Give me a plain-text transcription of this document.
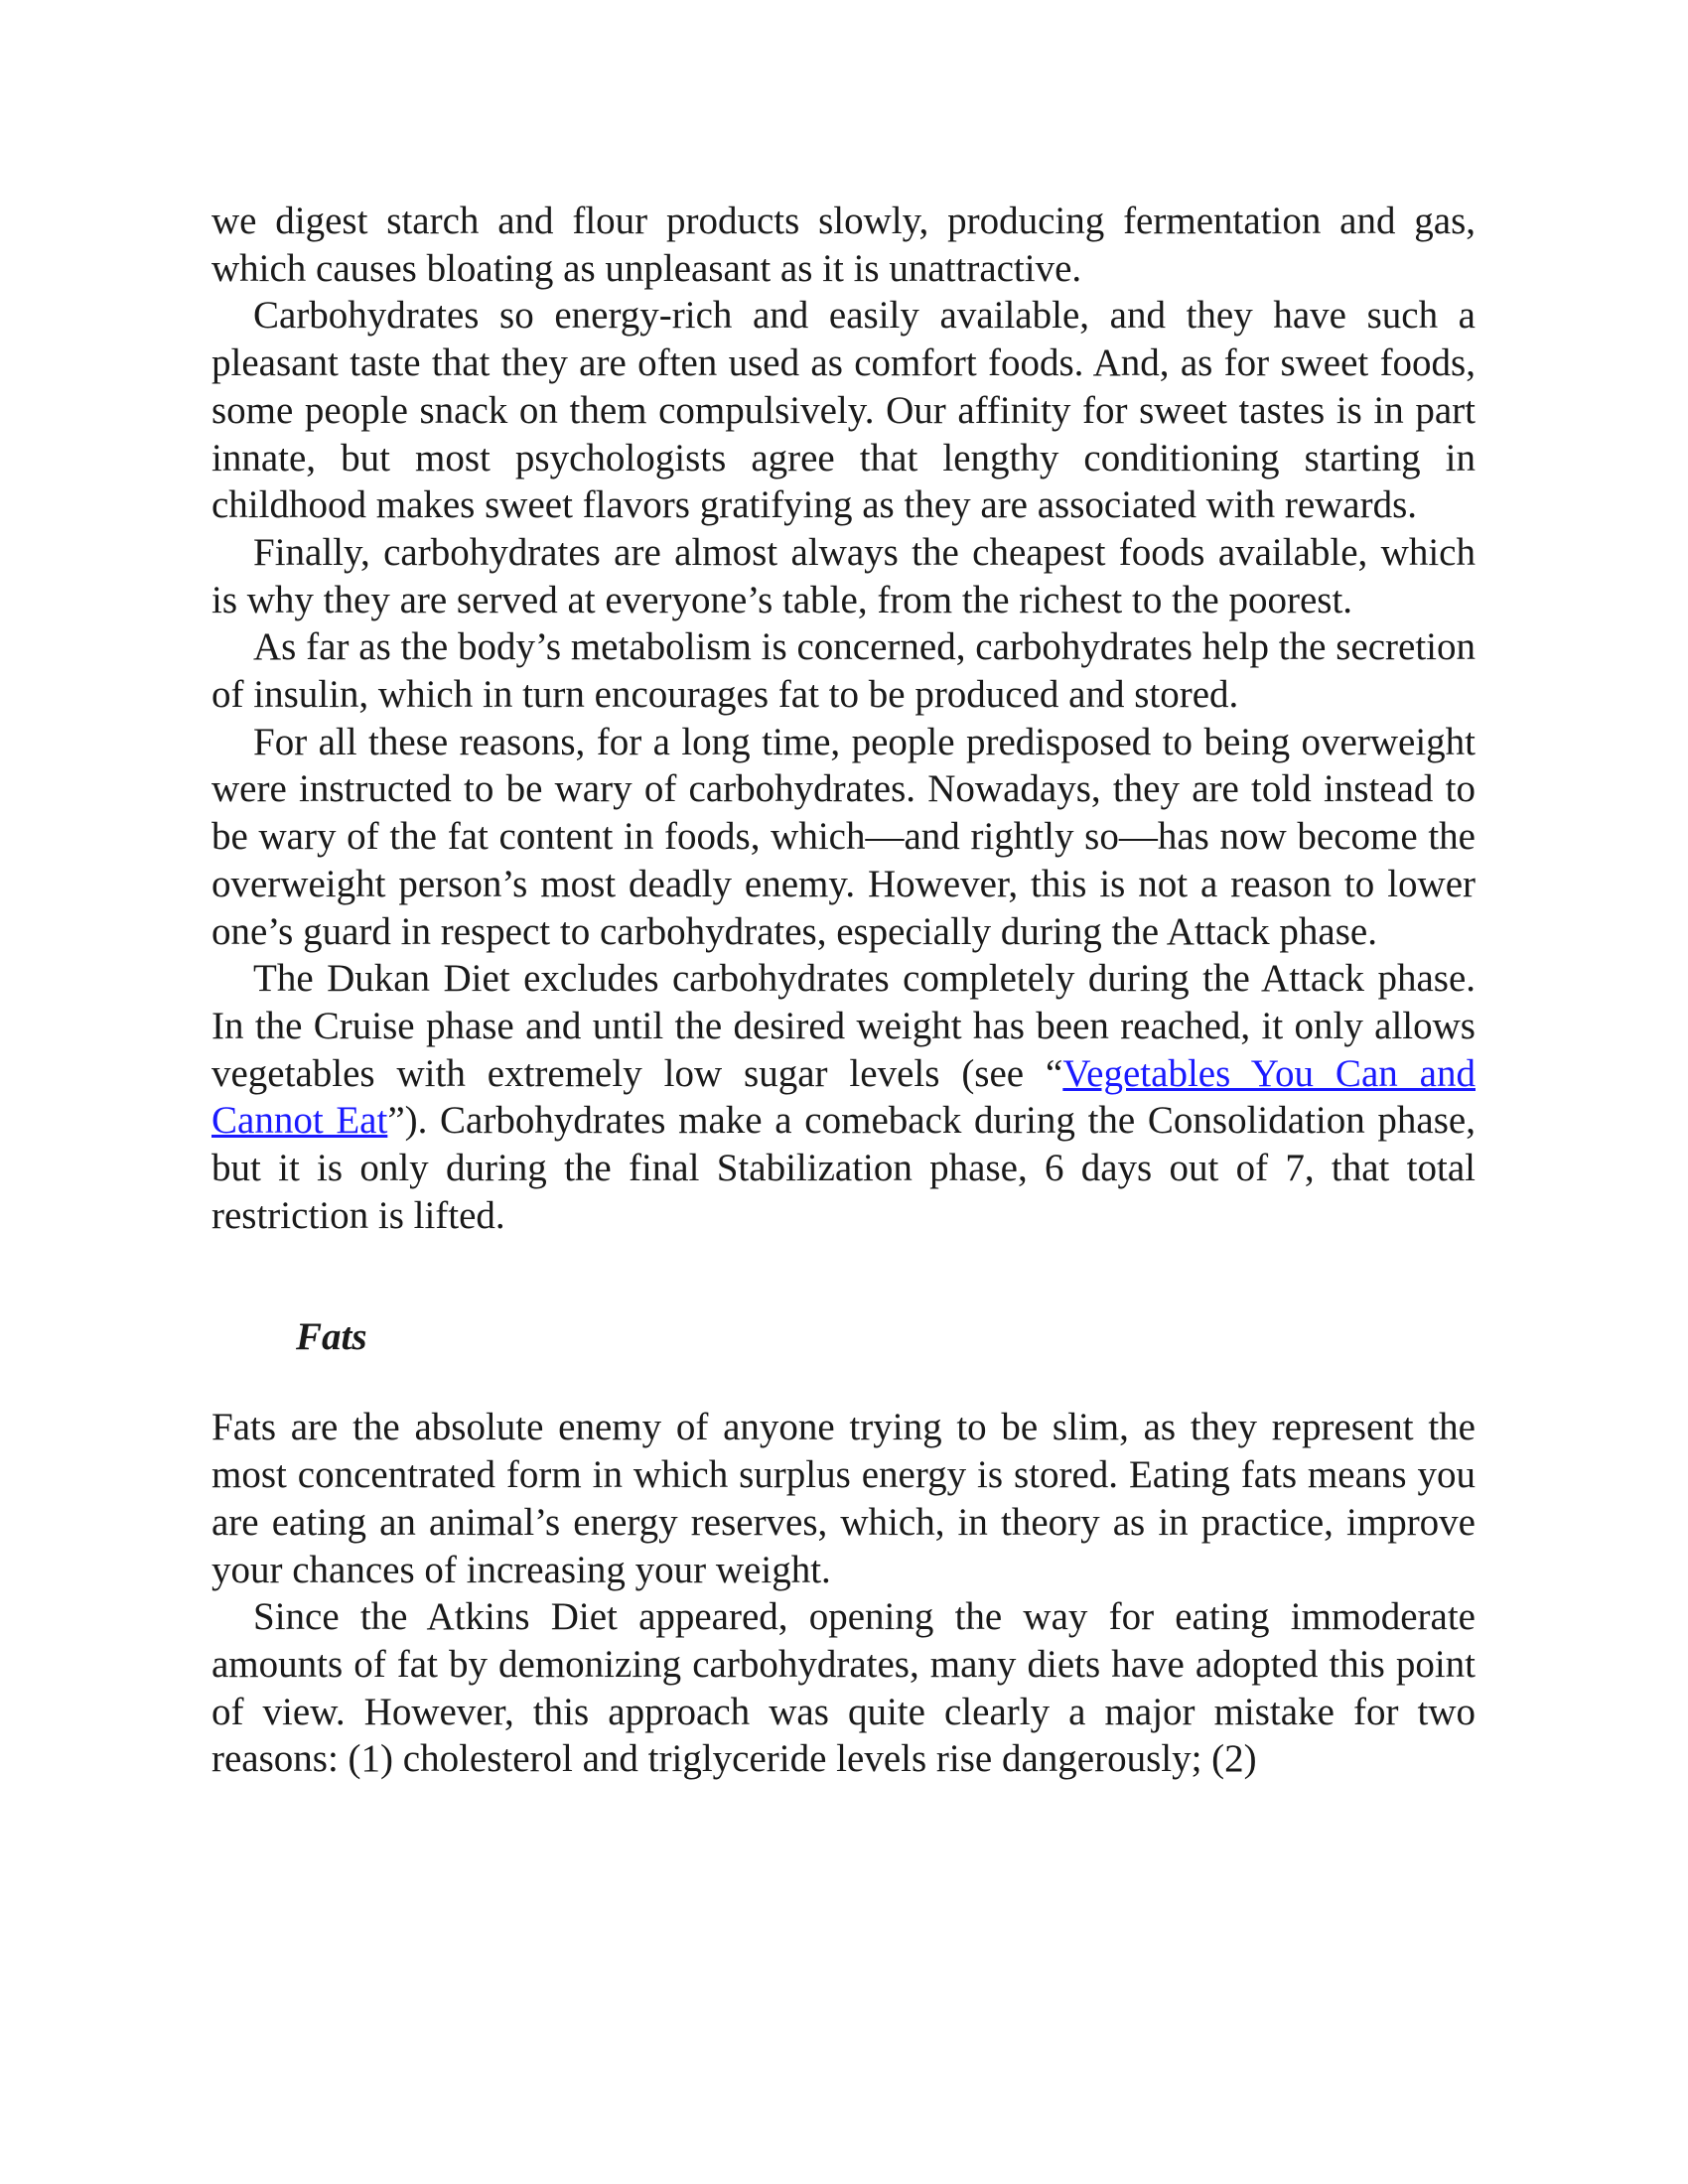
we digest starch and flour products slowly, producing fermentation and gas, which causes bloating as unpleasant as it is unattractive.

Carbohydrates so energy-rich and easily available, and they have such a pleasant taste that they are often used as comfort foods. And, as for sweet foods, some people snack on them compulsively. Our affinity for sweet tastes is in part innate, but most psychologists agree that lengthy conditioning starting in childhood makes sweet flavors gratifying as they are associated with rewards.

Finally, carbohydrates are almost always the cheapest foods available, which is why they are served at everyone’s table, from the richest to the poorest.

As far as the body’s metabolism is concerned, carbohydrates help the secretion of insulin, which in turn encourages fat to be produced and stored.

For all these reasons, for a long time, people predisposed to being overweight were instructed to be wary of carbohydrates. Nowadays, they are told instead to be wary of the fat content in foods, which—and rightly so—has now become the overweight person’s most deadly enemy. However, this is not a reason to lower one’s guard in respect to carbohydrates, especially during the Attack phase.

The Dukan Diet excludes carbohydrates completely during the Attack phase. In the Cruise phase and until the desired weight has been reached, it only allows vegetables with extremely low sugar levels (see “Vegetables You Can and Cannot Eat”). Carbohydrates make a comeback during the Consolidation phase, but it is only during the final Stabilization phase, 6 days out of 7, that total restriction is lifted.

Fats

Fats are the absolute enemy of anyone trying to be slim, as they represent the most concentrated form in which surplus energy is stored. Eating fats means you are eating an animal’s energy reserves, which, in theory as in practice, improve your chances of increasing your weight.

Since the Atkins Diet appeared, opening the way for eating immoderate amounts of fat by demonizing carbohydrates, many diets have adopted this point of view. However, this approach was quite clearly a major mistake for two reasons: (1) cholesterol and triglyceride levels rise dangerously; (2)
